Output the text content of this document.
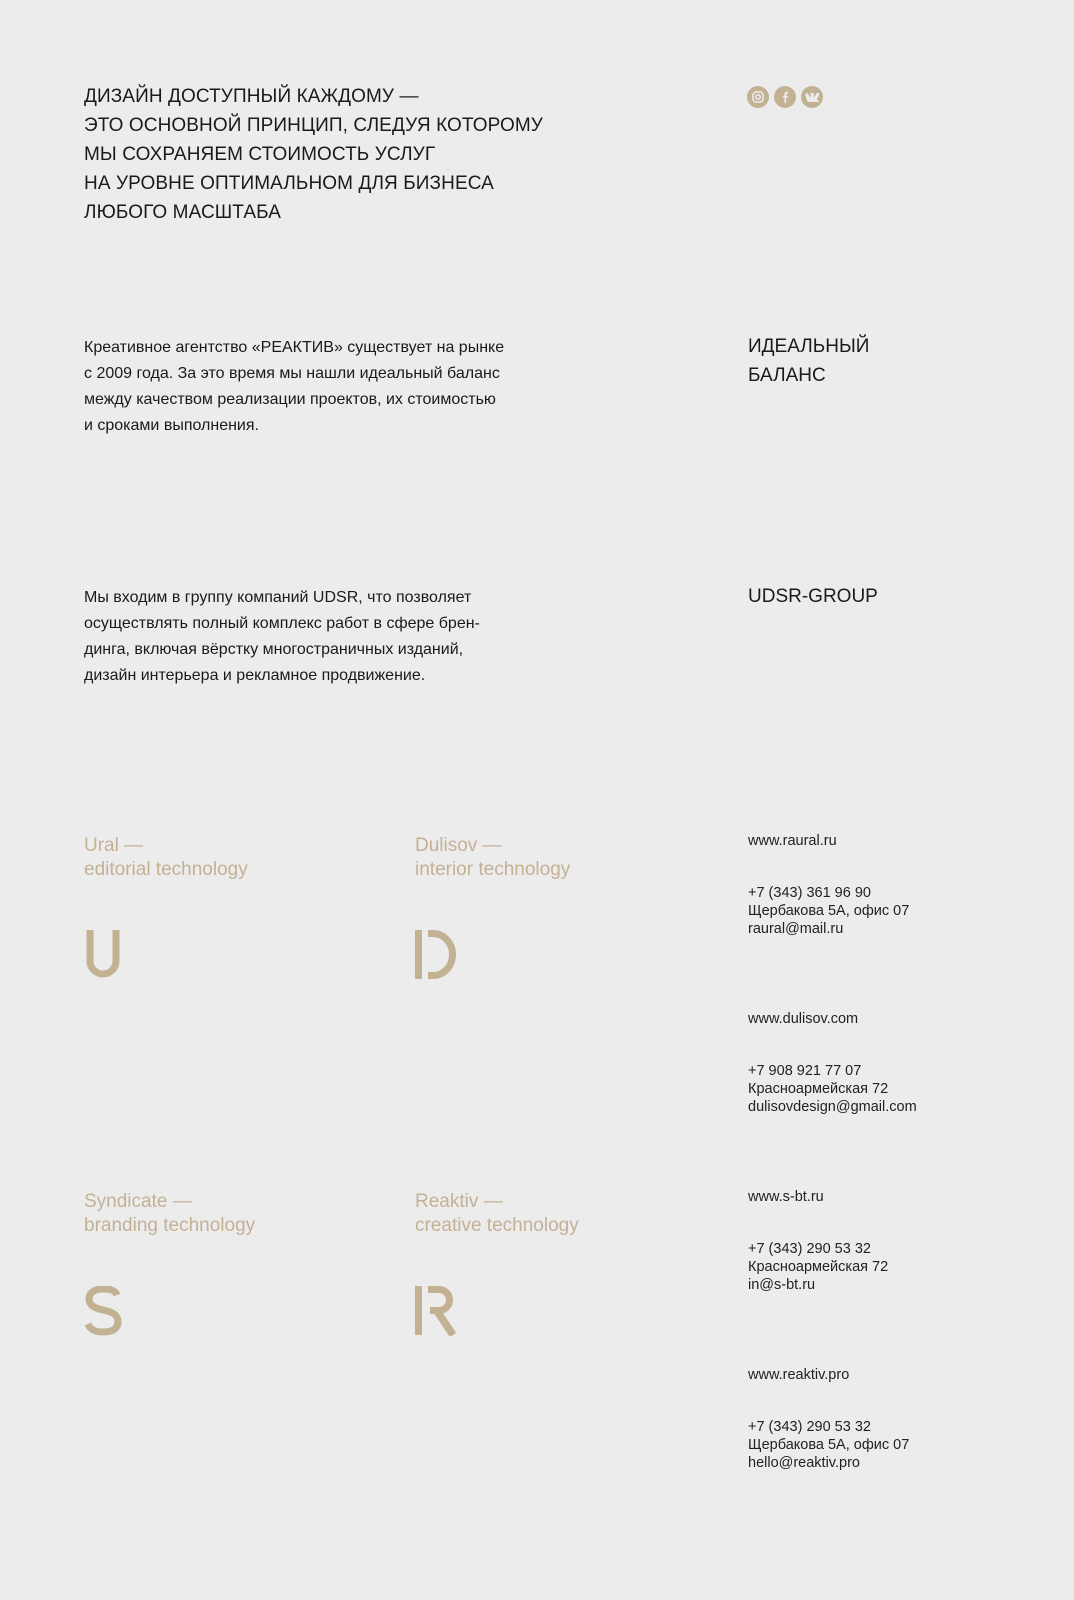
ДИЗАЙН ДОСТУПНЫЙ КАЖДОМУ —
ЭТО ОСНОВНОЙ ПРИНЦИП, СЛЕДУЯ КОТОРОМУ
МЫ СОХРАНЯЕМ СТОИМОСТЬ УСЛУГ
НА УРОВНЕ ОПТИМАЛЬНОМ ДЛЯ БИЗНЕСА
ЛЮБОГО МАСШТАБА
Креативное агентство «РЕАКТИВ» существует на рынке
с 2009 года. За это время мы нашли идеальный баланс
между качеством реализации проектов, их стоимостью
и сроками выполнения.
ИДЕАЛЬНЫЙ
БАЛАНС
Мы входим в группу компаний UDSR, что позволяет
осуществлять полный комплекс работ в сфере брен-
динга, включая вёрстку многостраничных изданий,
дизайн интерьера и рекламное продвижение.
UDSR-GROUP
Ural —
editorial technology
Dulisov —
interior technology
Syndicate —
branding technology
Reaktiv —
creative technology
www.raural.ru
+7 (343) 361 96 90
Щербакова 5А, офис 07
raural@mail.ru
www.dulisov.com
+7 908 921 77 07
Красноармейская 72
dulisovdesign@gmail.com
www.s-bt.ru
+7 (343) 290 53 32
Красноармейская 72
in@s-bt.ru
www.reaktiv.pro
+7 (343) 290 53 32
Щербакова 5А, офис 07
hello@reaktiv.pro
